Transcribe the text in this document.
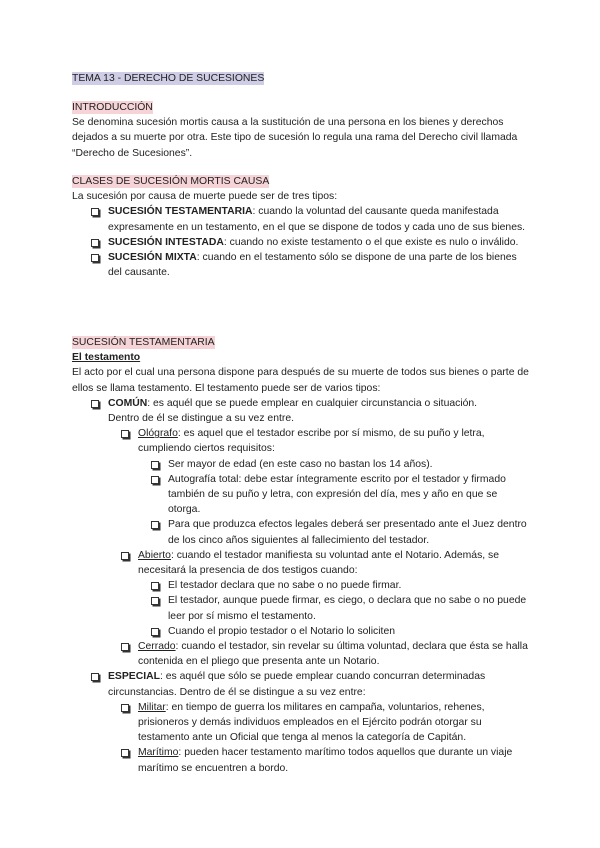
TEMA 13 - DERECHO DE SUCESIONES

INTRODUCCIÓN

Se denomina sucesión mortis causa a la sustitución de una persona en los bienes y derechos dejados a su muerte por otra. Este tipo de sucesión lo regula una rama del Derecho civil llamada “Derecho de Sucesiones”.

CLASES DE SUCESIÓN MORTIS CAUSA

La sucesión por causa de muerte puede ser de tres tipos:

SUCESIÓN TESTAMENTARIA: cuando la voluntad del causante queda manifestada expresamente en un testamento, en el que se dispone de todos y cada uno de sus bienes.
SUCESIÓN INTESTADA: cuando no existe testamento o el que existe es nulo o inválido.
SUCESIÓN MIXTA: cuando en el testamento sólo se dispone de una parte de los bienes del causante.

SUCESIÓN TESTAMENTARIA

El testamento

El acto por el cual una persona dispone para después de su muerte de todos sus bienes o parte de ellos se llama testamento. El testamento puede ser de varios tipos:

COMÚN: es aquél que se puede emplear en cualquier circunstancia o situación.

Dentro de él se distingue a su vez entre.

Ológrafo: es aquel que el testador escribe por sí mismo, de su puño y letra, cumpliendo ciertos requisitos:
Ser mayor de edad (en este caso no bastan los 14 años).
Autografía total: debe estar íntegramente escrito por el testador y firmado también de su puño y letra, con expresión del día, mes y año en que se otorga.
Para que produzca efectos legales deberá ser presentado ante el Juez dentro de los cinco años siguientes al fallecimiento del testador.
Abierto: cuando el testador manifiesta su voluntad ante el Notario. Además, se necesitará la presencia de dos testigos cuando:
El testador declara que no sabe o no puede firmar.
El testador, aunque puede firmar, es ciego, o declara que no sabe o no puede leer por sí mismo el testamento.
Cuando el propio testador o el Notario lo soliciten
Cerrado: cuando el testador, sin revelar su última voluntad, declara que ésta se halla contenida en el pliego que presenta ante un Notario.
ESPECIAL: es aquél que sólo se puede emplear cuando concurran determinadas circunstancias. Dentro de él se distingue a su vez entre:
Militar: en tiempo de guerra los militares en campaña, voluntarios, rehenes, prisioneros y demás individuos empleados en el Ejército podrán otorgar su testamento ante un Oficial que tenga al menos la categoría de Capitán.
Marítimo: pueden hacer testamento marítimo todos aquellos que durante un viaje marítimo se encuentren a bordo.
